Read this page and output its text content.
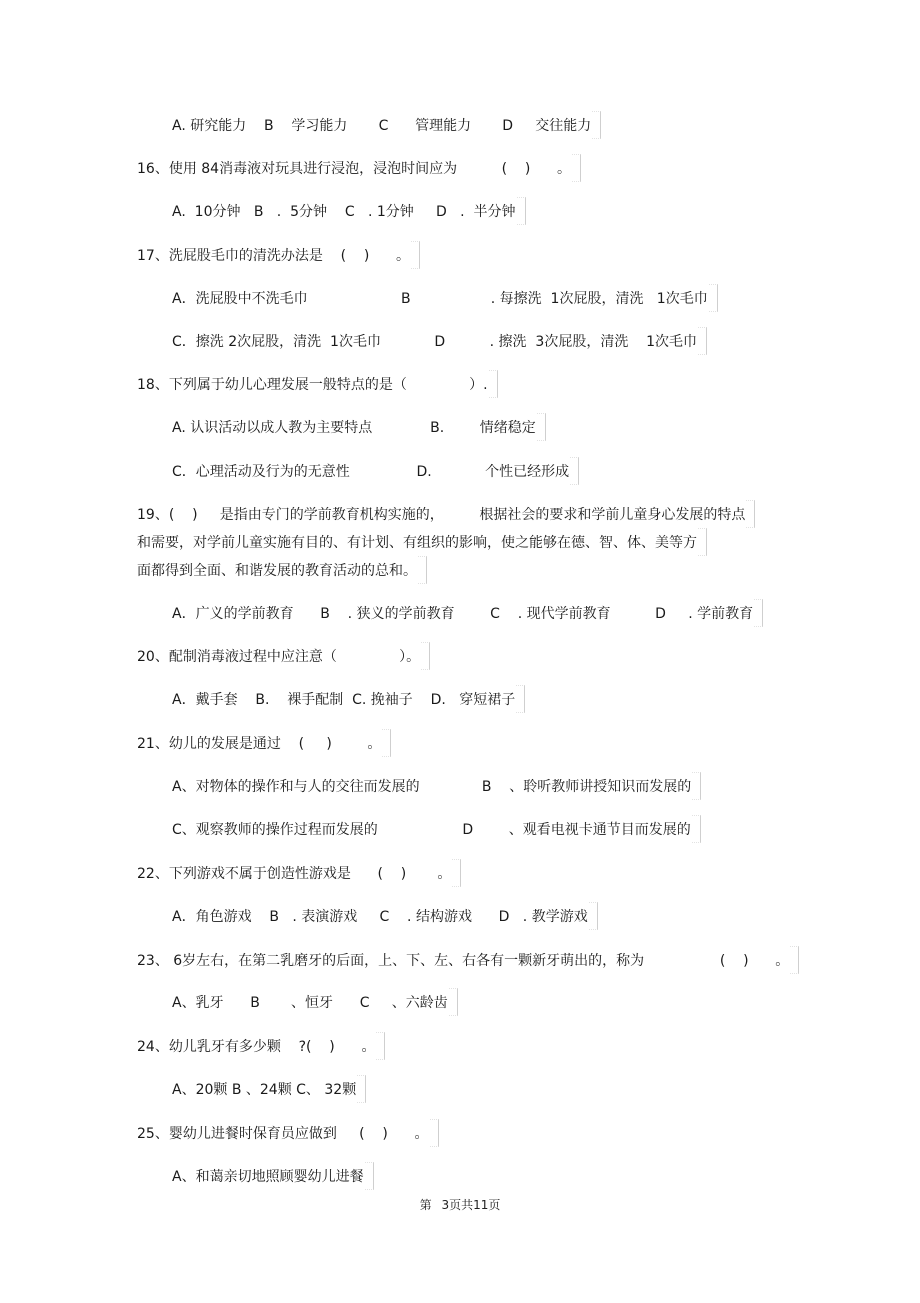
A. 研究能力    B    学习能力       C      管理能力       D     交往能力
16、使用 84消毒液对玩具进行浸泡，浸泡时间应为          (    )      。
A.  10分钟   B   .  5分钟    C   . 1分钟     D   .  半分钟
17、洗屁股毛巾的清洗办法是    (    )      。
A．洗屁股中不洗毛巾                     B                  . 每擦洗  1次屁股，清洗   1次毛巾
C．擦洗 2次屁股，清洗  1次毛巾            D          . 擦洗  3次屁股，清洗    1次毛巾
18、下列属于幼儿心理发展一般特点的是（              ）.
A. 认识活动以成人教为主要特点             B.        情绪稳定
C．心理活动及行为的无意性               D.            个性已经形成
19、(    )     是指由专门的学前教育机构实施的，        根据社会的要求和学前儿童身心发展的特点
和需要，对学前儿童实施有目的、有计划、有组织的影响，使之能够在德、智、体、美等方
面都得到全面、和谐发展的教育活动的总和。
A．广义的学前教育      B    . 狭义的学前教育        C    . 现代学前教育          D     . 学前教育
20、配制消毒液过程中应注意（              ）。
A．戴手套    B.    裸手配制  C. 挽袖子    D.   穿短裙子
21、幼儿的发展是通过    (     )        。
A、对物体的操作和与人的交往而发展的              B    、聆听教师讲授知识而发展的
C、观察教师的操作过程而发展的                   D        、观看电视卡通节目而发展的
22、下列游戏不属于创造性游戏是      (    )       。
A．角色游戏    B   . 表演游戏     C    . 结构游戏      D   . 教学游戏
23、 6岁左右，在第二乳磨牙的后面，上、下、左、右各有一颗新牙萌出的，称为                 (    )      。
A、乳牙      B       、恒牙      C     、六龄齿
24、幼儿乳牙有多少颗    ?(    )      。
A、20颗 B 、24颗 C、 32颗
25、婴幼儿进餐时保育员应做到     (    )      。
A、和蔼亲切地照顾婴幼儿进餐
第 3页共11页
